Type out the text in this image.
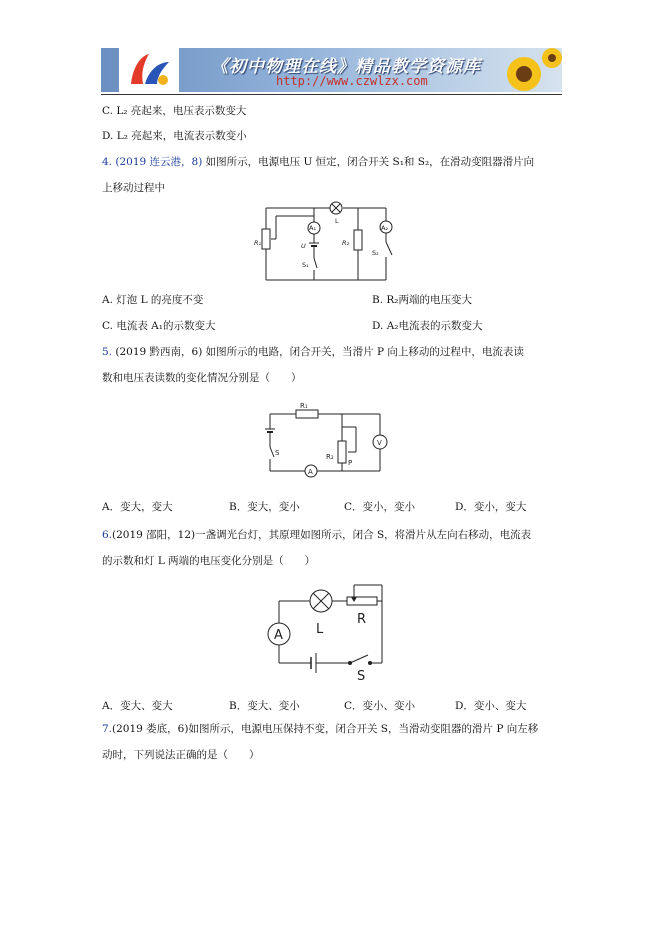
《初中物理在线》精品教学资源库
http://www.czwlzx.com
C. L₂ 亮起来，电压表示数变大
D. L₂ 亮起来，电流表示数变小
4. (2019 连云港，8) 如图所示，电源电压 U 恒定，闭合开关 S₁和 S₂，在滑动变阻器滑片向
上移动过程中
A₁
L
A₂
R₁	U
S₁
R₂
S₂
A. 灯泡 L 的亮度不变	B. R₂两端的电压变大
C. 电流表 A₁的示数变大	D. A₂电流表的示数变大
5. (2019 黔西南，6) 如图所示的电路，闭合开关，当滑片 P 向上移动的过程中，电流表读
数和电压表读数的变化情况分别是（　　）
R₁
V
S	R₂
P
A
A．变大，变大	B．变大，变小	C．变小，变小	D．变小，变大
6.(2019 邵阳，12)一盏调光台灯，其原理如图所示，闭合 S，将滑片从左向右移动，电流表
的示数和灯 L 两端的电压变化分别是（　　）
A	L
R
S
A．变大、变大	B．变大、变小	C．变小、变小	D．变小、变大
7.(2019 娄底，6)如图所示，电源电压保持不变，闭合开关 S，当滑动变阻器的滑片 P 向左移
动时，下列说法正确的是（　　）
